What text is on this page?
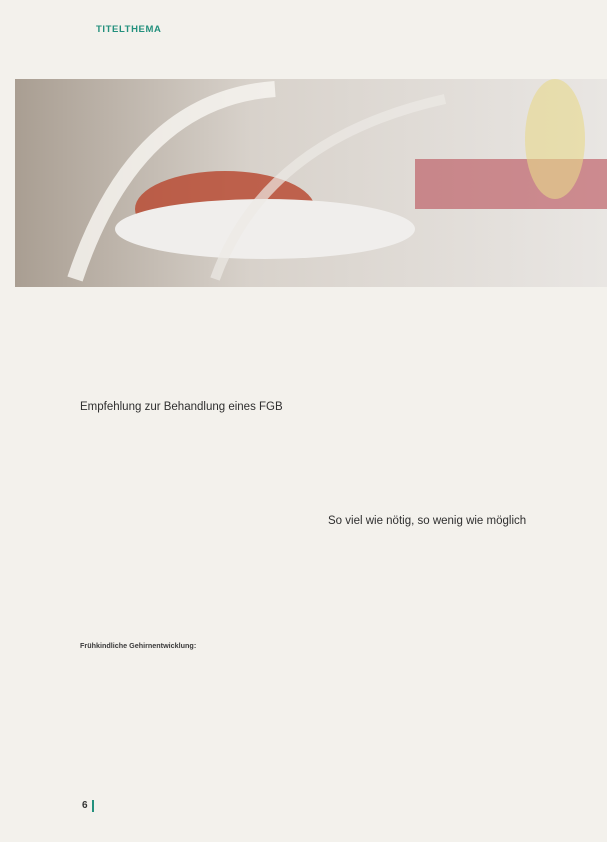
TITELTHEMA
Empfehlung zur Behandlung eines FGB
Frühkindliche Gehirnentwicklung:
So viel wie nötig, so wenig wie möglich
6
